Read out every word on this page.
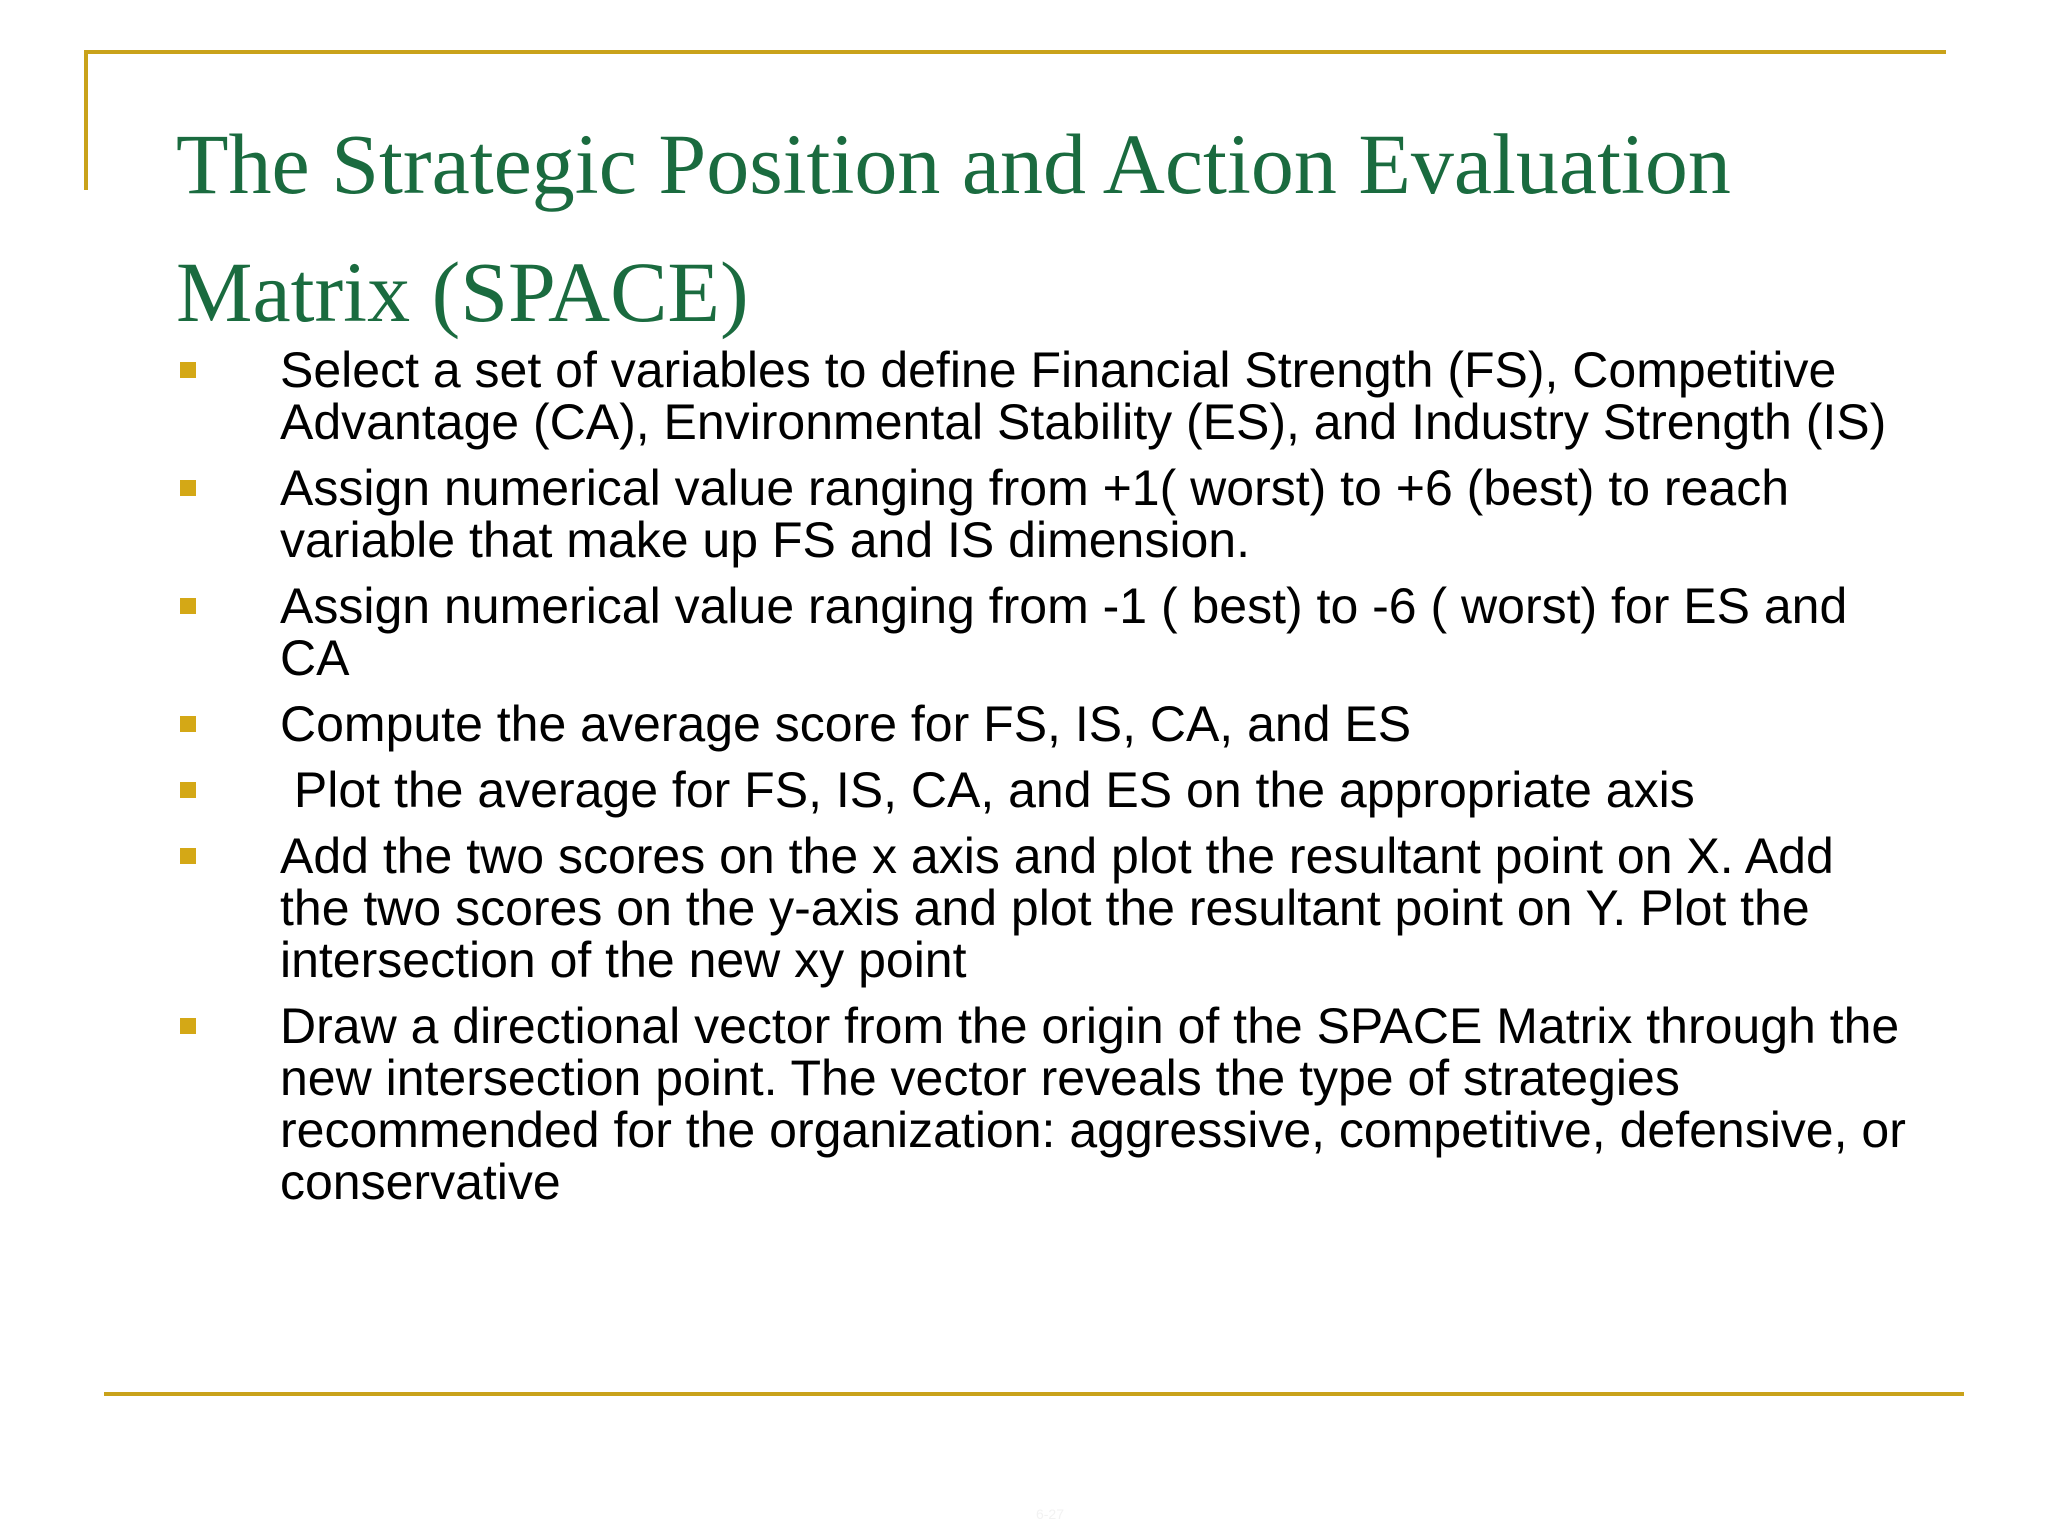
The Strategic Position and Action Evaluation Matrix (SPACE)
Select a set of variables to define Financial Strength (FS), Competitive Advantage (CA), Environmental Stability (ES), and Industry Strength (IS)
Assign numerical value ranging from +1( worst) to +6 (best) to reach variable that make up FS and IS dimension.
Assign numerical value ranging from -1 ( best) to -6 ( worst) for ES and CA
Compute the average score for FS, IS, CA, and ES
Plot the average for FS, IS, CA, and ES on the appropriate axis
Add the two scores on the x axis and plot the resultant point on X. Add the two scores on the y-axis and plot the resultant point on Y. Plot the intersection of the new xy point
Draw a directional vector from the origin of the SPACE Matrix through the new intersection point. The vector reveals the type of strategies recommended for the organization: aggressive, competitive, defensive, or conservative
6-27
